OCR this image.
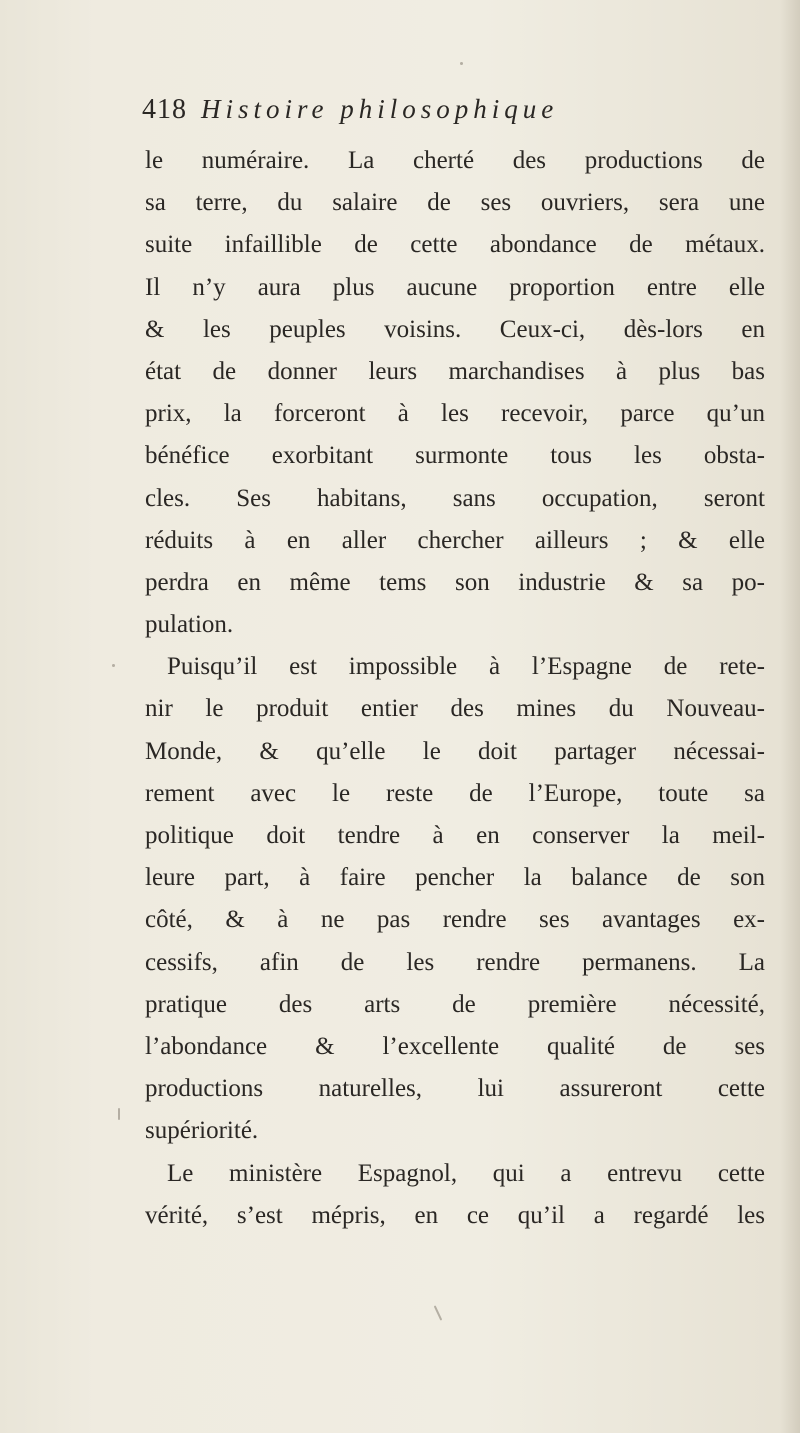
418 Histoire philosophique
le numéraire. La cherté des productions de
sa terre, du salaire de ses ouvriers, sera une
suite infaillible de cette abondance de métaux.
Il n’y aura plus aucune proportion entre elle
& les peuples voisins. Ceux-ci, dès-lors en
état de donner leurs marchandises à plus bas
prix, la forceront à les recevoir, parce qu’un
bénéfice exorbitant surmonte tous les obsta-
cles. Ses habitans, sans occupation, seront
réduits à en aller chercher ailleurs ; & elle
perdra en même tems son industrie & sa po-
pulation.
Puisqu’il est impossible à l’Espagne de rete-
nir le produit entier des mines du Nouveau-
Monde, & qu’elle le doit partager nécessai-
rement avec le reste de l’Europe, toute sa
politique doit tendre à en conserver la meil-
leure part, à faire pencher la balance de son
côté, & à ne pas rendre ses avantages ex-
cessifs, afin de les rendre permanens. La
pratique des arts de première nécessité,
l’abondance & l’excellente qualité de ses
productions naturelles, lui assureront cette
supériorité.
Le ministère Espagnol, qui a entrevu cette
vérité, s’est mépris, en ce qu’il a regardé les
